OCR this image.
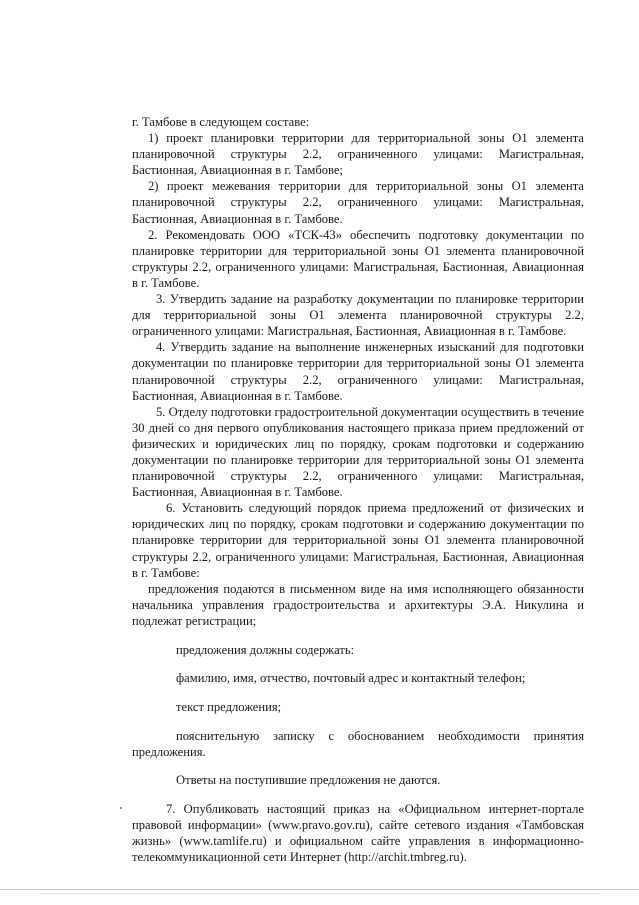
г. Тамбове в следующем составе:

1) проект планировки территории для территориальной зоны О1 элемента планировочной структуры 2.2, ограниченного улицами: Магистральная, Бастионная, Авиационная в г. Тамбове;

2) проект межевания территории для территориальной зоны О1 элемента планировочной структуры 2.2, ограниченного улицами: Магистральная, Бастионная, Авиационная в г. Тамбове.

2. Рекомендовать ООО «ТСК-43» обеспечить подготовку документации по планировке территории для территориальной зоны О1 элемента планировочной структуры 2.2, ограниченного улицами: Магистральная, Бастионная, Авиационная в г. Тамбове.

3. Утвердить задание на разработку документации по планировке территории для территориальной зоны О1 элемента планировочной структуры 2.2, ограниченного улицами: Магистральная, Бастионная, Авиационная в г. Тамбове.

4. Утвердить задание на выполнение инженерных изысканий для подготовки документации по планировке территории для территориальной зоны О1 элемента планировочной структуры 2.2, ограниченного улицами: Магистральная, Бастионная, Авиационная в г. Тамбове.

5. Отделу подготовки градостроительной документации осуществить в течение 30 дней со дня первого опубликования настоящего приказа прием предложений от физических и юридических лиц по порядку, срокам подготовки и содержанию документации по планировке территории для территориальной зоны О1 элемента планировочной структуры 2.2, ограниченного улицами: Магистральная, Бастионная, Авиационная в г. Тамбове.

6. Установить следующий порядок приема предложений от физических и юридических лиц по порядку, срокам подготовки и содержанию документации по планировке территории для территориальной зоны О1 элемента планировочной структуры 2.2, ограниченного улицами: Магистральная, Бастионная, Авиационная в г. Тамбове:

предложения подаются в письменном виде на имя исполняющего обязанности начальника управления градостроительства и архитектуры Э.А. Никулина и подлежат регистрации;

предложения должны содержать:

фамилию, имя, отчество, почтовый адрес и контактный телефон;

текст предложения;

пояснительную записку с обоснованием необходимости принятия предложения.

Ответы на поступившие предложения не даются.

7. Опубликовать настоящий приказ на «Официальном интернет-портале правовой информации» (www.pravo.gov.ru), сайте сетевого издания «Тамбовская жизнь» (www.tamlife.ru) и официальном сайте управления в информационно-телекоммуникационной сети Интернет (http://archit.tmbreg.ru).
